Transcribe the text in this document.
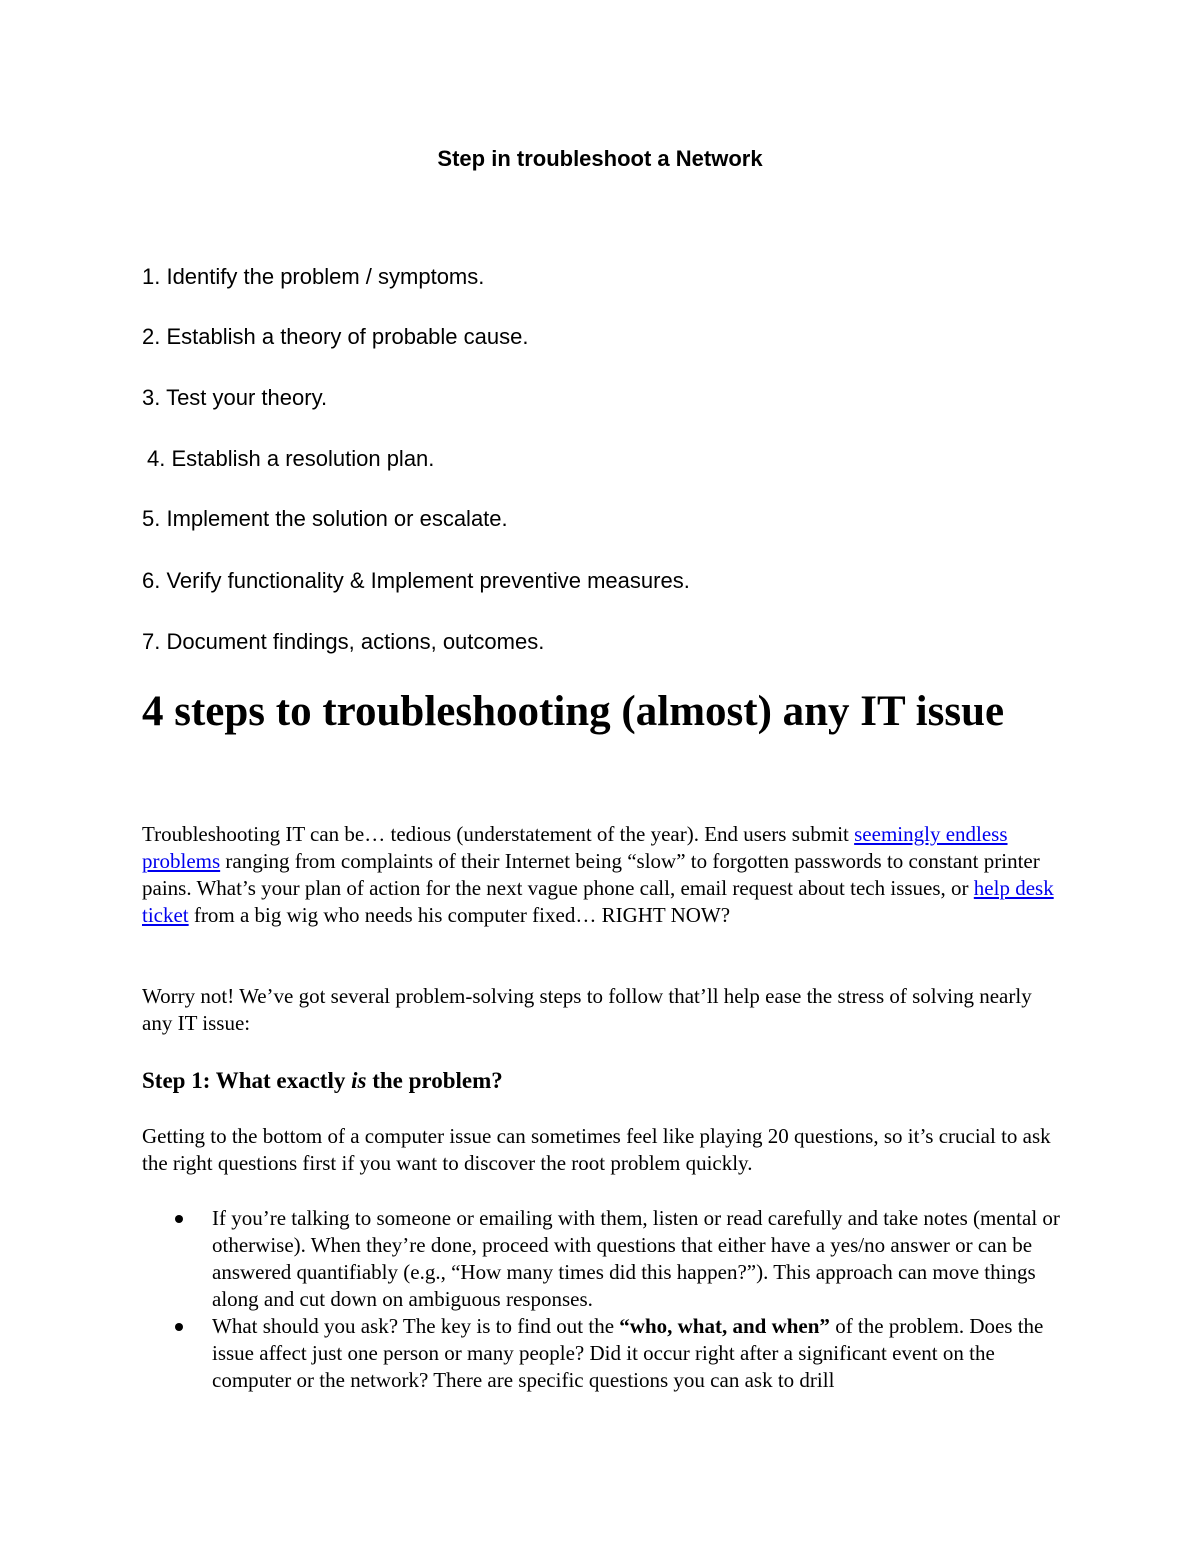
Step in troubleshoot a Network
1. Identify the problem / symptoms.
2. Establish a theory of probable cause.
3. Test your theory.
4. Establish a resolution plan.
5. Implement the solution or escalate.
6. Verify functionality & Implement preventive measures.
7. Document findings, actions, outcomes.
4 steps to troubleshooting (almost) any IT issue

Troubleshooting IT can be… tedious (understatement of the year). End users submit seemingly endless problems ranging from complaints of their Internet being “slow” to forgotten passwords to constant printer pains. What’s your plan of action for the next vague phone call, email request about tech issues, or help desk ticket from a big wig who needs his computer fixed… RIGHT NOW?

Worry not! We’ve got several problem-solving steps to follow that’ll help ease the stress of solving nearly any IT issue:

Step 1: What exactly is the problem?

Getting to the bottom of a computer issue can sometimes feel like playing 20 questions, so it’s crucial to ask the right questions first if you want to discover the root problem quickly.

If you’re talking to someone or emailing with them, listen or read carefully and take notes (mental or otherwise). When they’re done, proceed with questions that either have a yes/no answer or can be answered quantifiably (e.g., “How many times did this happen?”). This approach can move things along and cut down on ambiguous responses.
What should you ask? The key is to find out the “who, what, and when” of the problem. Does the issue affect just one person or many people? Did it occur right after a significant event on the computer or the network? There are specific questions you can ask to drill
